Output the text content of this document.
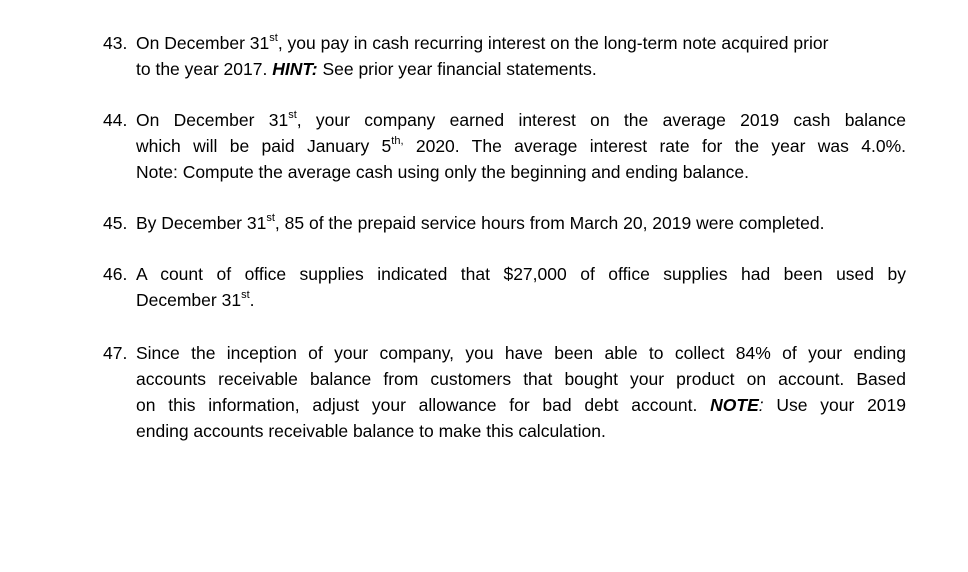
43. On December 31st, you pay in cash recurring interest on the long-term note acquired prior
to the year 2017. HINT: See prior year financial statements.
44. On December 31st, your company earned interest on the average 2019 cash balance
which will be paid January $5^{th,}$ 2020. The average interest rate for the year was 4.0%.
Note: Compute the average cash using only the beginning and ending balance.
45. By December 31st, 85 of the prepaid service hours from March 20, 2019 were completed.
46. A count of office supplies indicated that $27,000 of office supplies had been used by
December 31st.
47. Since the inception of your company, you have been able to collect 84% of your ending
accounts receivable balance from customers that bought your product on account. Based
on this information, adjust your allowance for bad debt account. NOTE: Use your 2019
ending accounts receivable balance to make this calculation.
